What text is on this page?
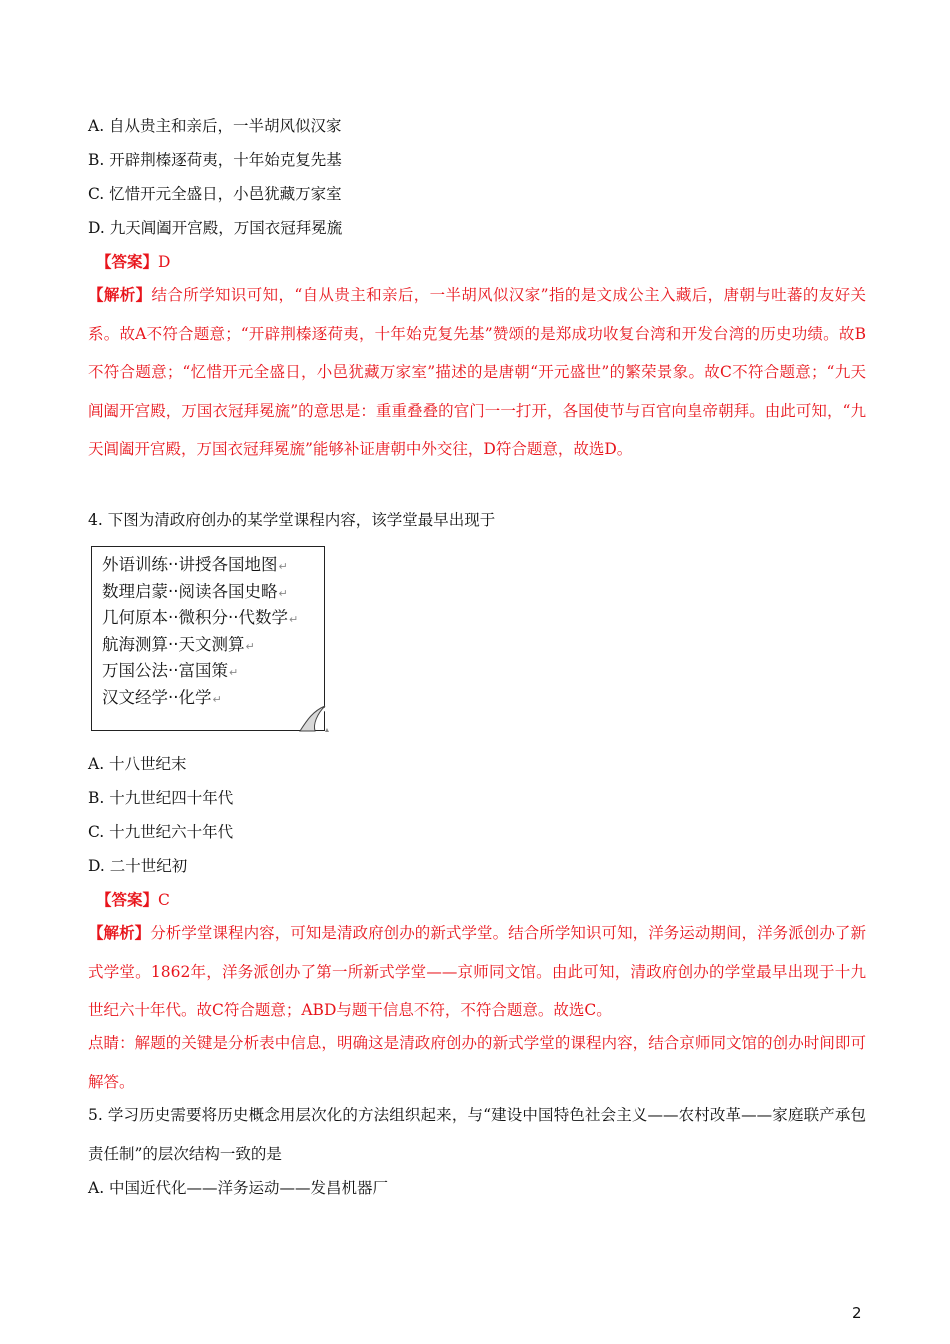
A. 自从贵主和亲后，一半胡风似汉家
B. 开辟荆榛逐荷夷，十年始克复先基
C. 忆惜开元全盛日，小邑犹藏万家室
D. 九天阊阖开宫殿，万国衣冠拜冕旒
【答案】D
【解析】结合所学知识可知，“自从贵主和亲后，一半胡风似汉家”指的是文成公主入藏后，唐朝与吐蕃的友好关系。故A不符合题意；“开辟荆榛逐荷夷，十年始克复先基”赞颂的是郑成功收复台湾和开发台湾的历史功绩。故B不符合题意；“忆惜开元全盛日，小邑犹藏万家室”描述的是唐朝“开元盛世”的繁荣景象。故C不符合题意；“九天阊阖开宫殿，万国衣冠拜冕旒”的意思是：重重叠叠的官门一一打开，各国使节与百官向皇帝朝拜。由此可知，“九天阊阖开宫殿，万国衣冠拜冕旒”能够补证唐朝中外交往，D符合题意，故选D。
4. 下图为清政府创办的某学堂课程内容，该学堂最早出现于
外语训练··讲授各国地图↵
数理启蒙··阅读各国史略↵
几何原本··微积分··代数学↵
航海测算··天文测算↵
万国公法··富国策↵
汉文经学··化学↵
A. 十八世纪末
B. 十九世纪四十年代
C. 十九世纪六十年代
D. 二十世纪初
【答案】C
【解析】分析学堂课程内容，可知是清政府创办的新式学堂。结合所学知识可知，洋务运动期间，洋务派创办了新式学堂。1862年，洋务派创办了第一所新式学堂——京师同文馆。由此可知，清政府创办的学堂最早出现于十九世纪六十年代。故C符合题意；ABD与题干信息不符，不符合题意。故选C。
点睛：解题的关键是分析表中信息，明确这是清政府创办的新式学堂的课程内容，结合京师同文馆的创办时间即可解答。
5. 学习历史需要将历史概念用层次化的方法组织起来，与“建设中国特色社会主义——农村改革——家庭联产承包责任制”的层次结构一致的是
A. 中国近代化——洋务运动——发昌机器厂
2
